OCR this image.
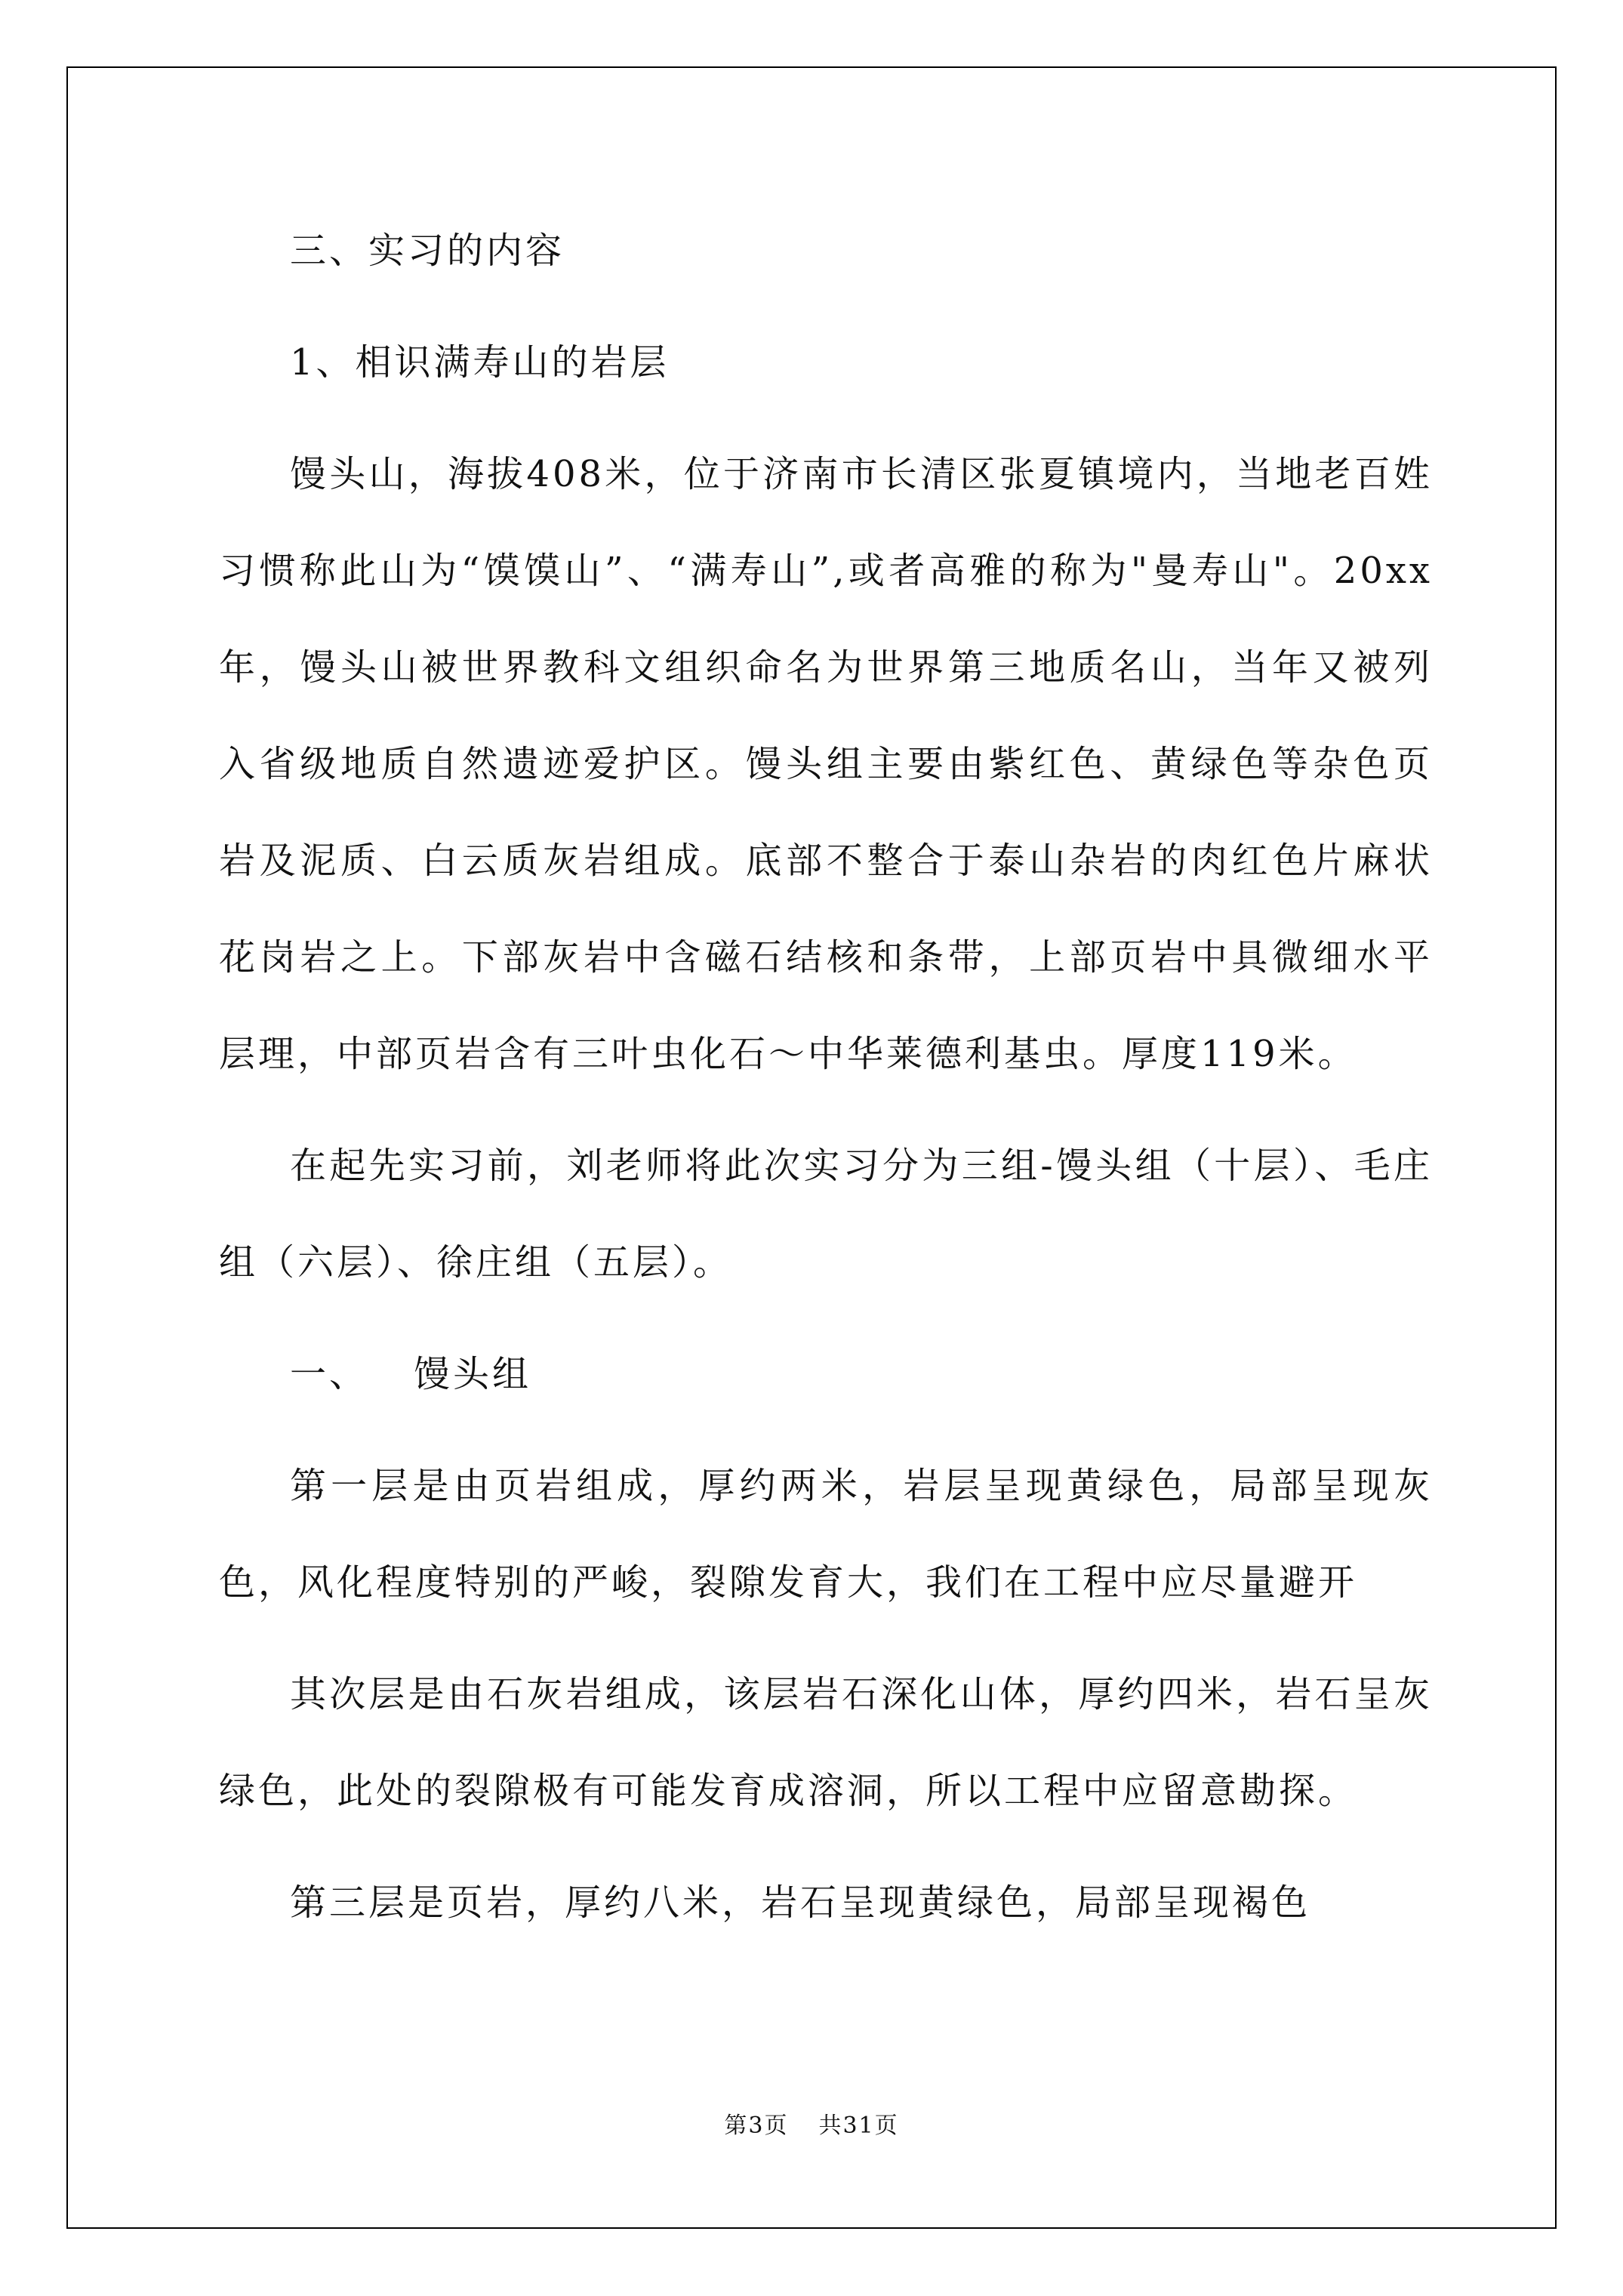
三、实习的内容

1、相识满寿山的岩层

馒头山，海拔408米，位于济南市长清区张夏镇境内，当地老百姓习惯称此山为“馍馍山”、“满寿山”,或者高雅的称为"曼寿山"。20xx年，馒头山被世界教科文组织命名为世界第三地质名山，当年又被列入省级地质自然遗迹爱护区。馒头组主要由紫红色、黄绿色等杂色页岩及泥质、白云质灰岩组成。底部不整合于泰山杂岩的肉红色片麻状花岗岩之上。下部灰岩中含磁石结核和条带，上部页岩中具微细水平层理，中部页岩含有三叶虫化石～中华莱德利基虫。厚度119米。

在起先实习前，刘老师将此次实习分为三组-馒头组（十层）、毛庄组（六层）、徐庄组（五层）。

一、 馒头组

第一层是由页岩组成，厚约两米，岩层呈现黄绿色，局部呈现灰色，风化程度特别的严峻，裂隙发育大，我们在工程中应尽量避开

其次层是由石灰岩组成，该层岩石深化山体，厚约四米，岩石呈灰绿色，此处的裂隙极有可能发育成溶洞，所以工程中应留意勘探。

第三层是页岩，厚约八米，岩石呈现黄绿色，局部呈现褐色

第3页 共31页
